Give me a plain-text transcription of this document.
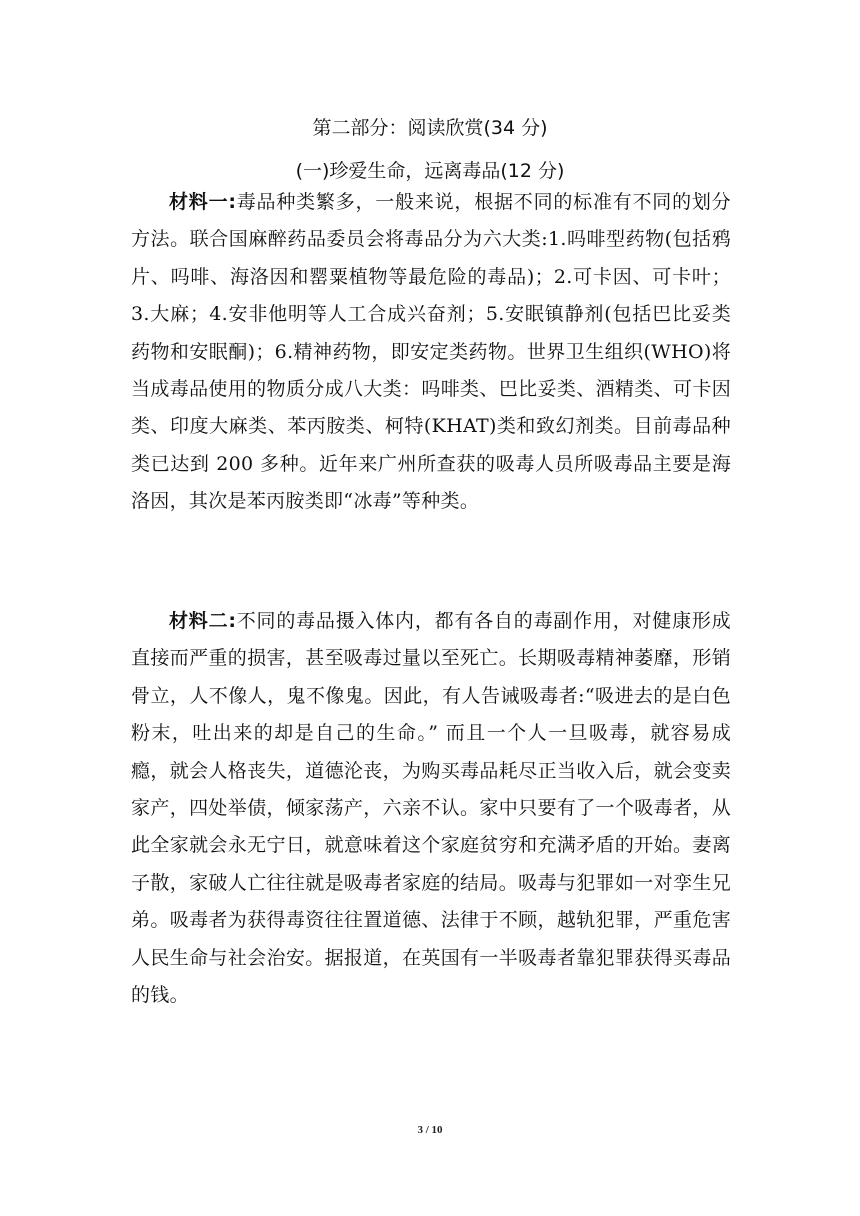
第二部分：阅读欣赏(34 分)
(一)珍爱生命，远离毒品(12 分)

材料一:毒品种类繁多，一般来说，根据不同的标准有不同的划分方法。联合国麻醉药品委员会将毒品分为六大类:1.吗啡型药物(包括鸦片、吗啡、海洛因和罂粟植物等最危险的毒品)；2.可卡因、可卡叶；3.大麻；4.安非他明等人工合成兴奋剂；5.安眠镇静剂(包括巴比妥类药物和安眠酮)；6.精神药物，即安定类药物。世界卫生组织(WHO)将当成毒品使用的物质分成八大类：吗啡类、巴比妥类、酒精类、可卡因类、印度大麻类、苯丙胺类、柯特(KHAT)类和致幻剂类。目前毒品种类已达到 200 多种。近年来广州所查获的吸毒人员所吸毒品主要是海洛因，其次是苯丙胺类即“冰毒”等种类。

材料二:不同的毒品摄入体内，都有各自的毒副作用，对健康形成直接而严重的损害，甚至吸毒过量以至死亡。长期吸毒精神萎靡，形销骨立，人不像人，鬼不像鬼。因此，有人告诫吸毒者:“吸进去的是白色粉末，吐出来的却是自己的生命。” 而且一个人一旦吸毒，就容易成瘾，就会人格丧失，道德沦丧，为购买毒品耗尽正当收入后，就会变卖家产，四处举债，倾家荡产，六亲不认。家中只要有了一个吸毒者，从此全家就会永无宁日，就意味着这个家庭贫穷和充满矛盾的开始。妻离子散，家破人亡往往就是吸毒者家庭的结局。吸毒与犯罪如一对孪生兄弟。吸毒者为获得毒资往往置道德、法律于不顾，越轨犯罪，严重危害人民生命与社会治安。据报道，在英国有一半吸毒者靠犯罪获得买毒品的钱。

3 / 10
